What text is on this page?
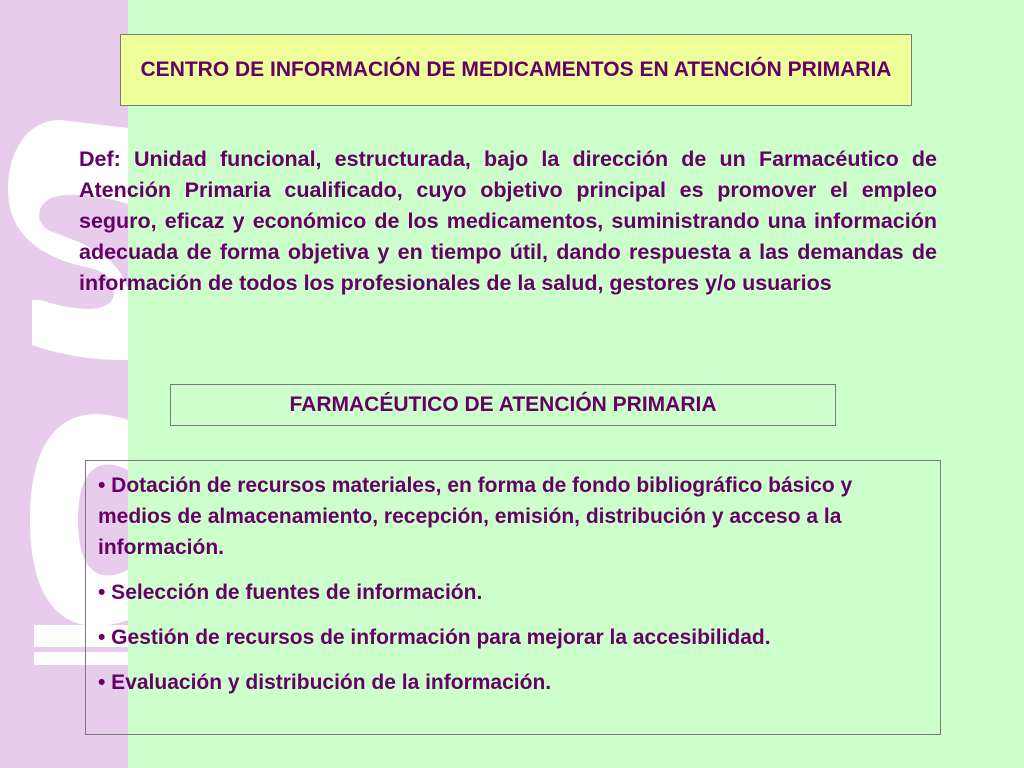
CENTRO DE INFORMACIÓN DE MEDICAMENTOS EN ATENCIÓN PRIMARIA

Def: Unidad funcional, estructurada, bajo la dirección de un Farmacéutico de Atención Primaria cualificado, cuyo objetivo principal es promover el empleo seguro, eficaz y económico de los medicamentos, suministrando una información adecuada de forma objetiva y en tiempo útil, dando respuesta a las demandas de información de todos los profesionales de la salud, gestores y/o usuarios

FARMACÉUTICO DE ATENCIÓN PRIMARIA
• Dotación de recursos materiales, en forma de fondo bibliográfico básico y medios de almacenamiento, recepción, emisión, distribución y acceso a la información.
• Selección de fuentes de información.
• Gestión de recursos de información para mejorar la accesibilidad.
• Evaluación y distribución de la información.
